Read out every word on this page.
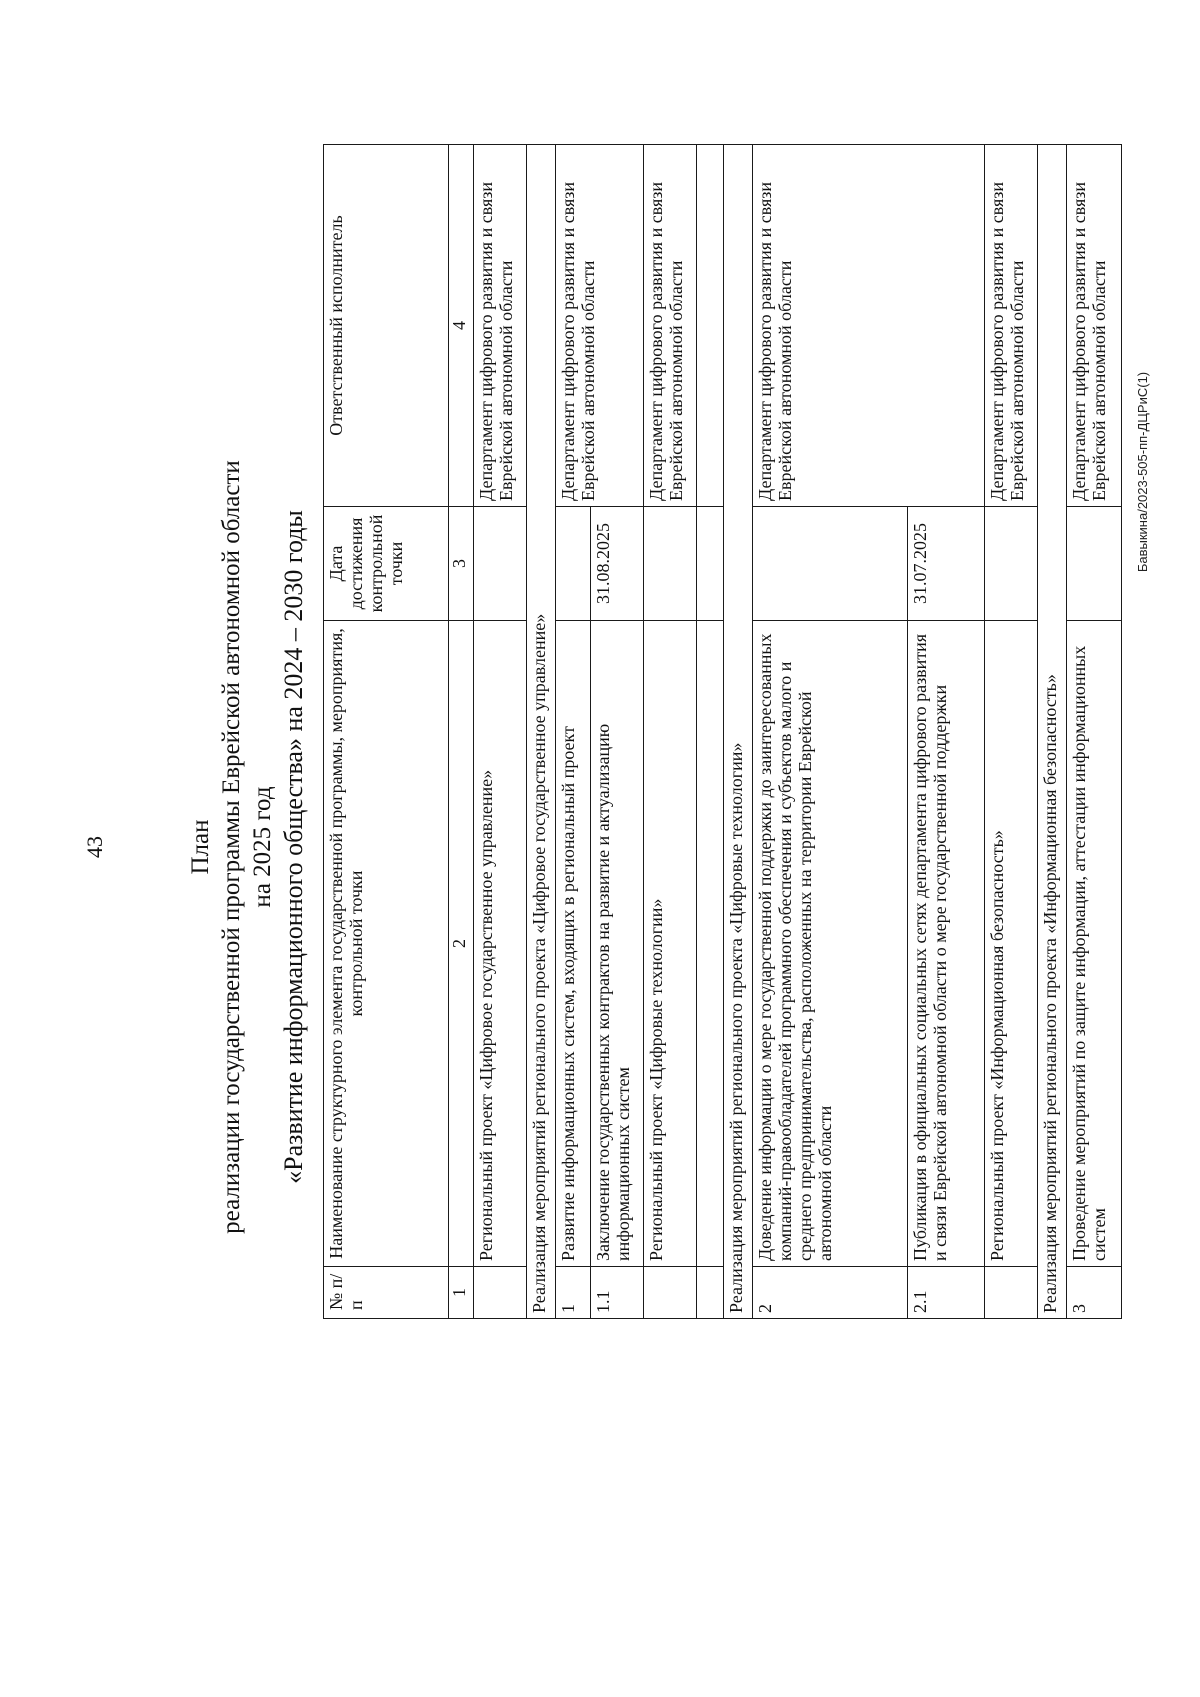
43	План реализации государственной программы Еврейской автономной области на 2025 год «Развитие информационного общества» на 2024 – 2030 годы
№ п/п	Наименование структурного элемента государственной программы, мероприятия, контрольной точки	Дата достижения контрольной точки	Ответственный исполнитель
1	2	3	4
	Региональный проект «Цифровое государственное управление»		Департамент цифрового развития и связи Еврейской автономной области
Реализация мероприятий регионального проекта «Цифровое государственное управление»			
1	Развитие информационных систем, входящих в региональный проект		Департамент цифрового развития и связи Еврейской автономной области
1.1	Заключение государственных контрактов на развитие и актуализацию информационных систем	31.08.2025	
	Региональный проект «Цифровые технологии»		Департамент цифрового развития и связи Еврейской автономной области

Реализация мероприятий регионального проекта «Цифровые технологии»			
2	Доведение информации о мере государственной поддержки до заинтересованных компаний-правообладателей программного обеспечения и субъектов малого и среднего предпринимательства, расположенных на территории Еврейской автономной области		Департамент цифрового развития и связи Еврейской автономной области
2.1	Публикация в официальных социальных сетях департамента цифрового развития и связи Еврейской автономной области о мере государственной поддержки	31.07.2025	
	Региональный проект «Информационная безопасность»		Департамент цифрового развития и связи Еврейской автономной области
Реализация мероприятий регионального проекта «Информационная безопасность»			
3	Проведение мероприятий по защите информации, аттестации информационных систем		Департамент цифрового развития и связи Еврейской автономной области Бавыкина/2023-505-пп-ДЦРиС(1)
